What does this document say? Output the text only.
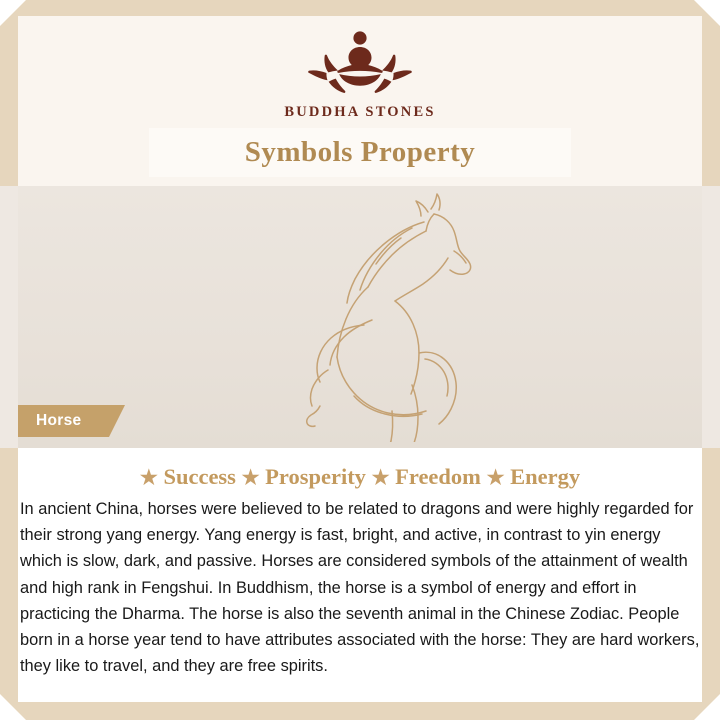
BUDDHA STONES
Symbols Property
Horse
★ Success ★ Prosperity ★ Freedom ★ Energy
In ancient China, horses were believed to be related to dragons and were highly regarded for their strong yang energy. Yang energy is fast, bright, and active, in contrast to yin energy which is slow, dark, and passive. Horses are considered symbols of the attainment of wealth and high rank in Fengshui. In Buddhism, the horse is a symbol of energy and effort in practicing the Dharma. The horse is also the seventh animal in the Chinese Zodiac. People born in a horse year tend to have attributes associated with the horse: They are hard workers, they like to travel, and they are free spirits.
